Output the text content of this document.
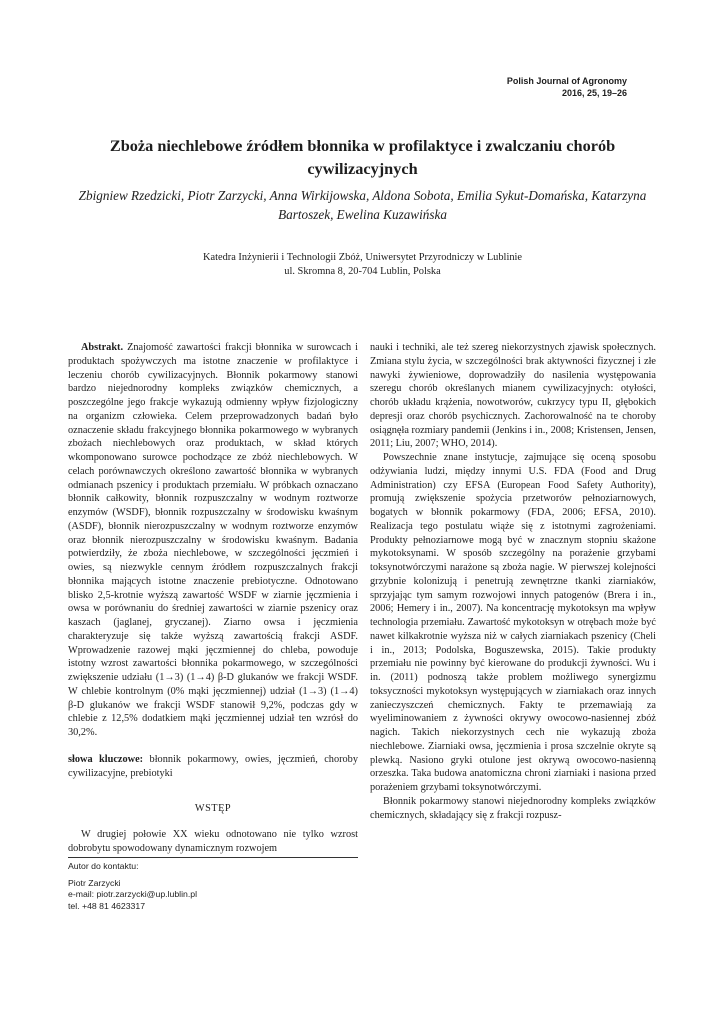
Polish Journal of Agronomy
2016, 25, 19–26
Zboża niechlebowe źródłem błonnika w profilaktyce i zwalczaniu chorób cywilizacyjnych
Zbigniew Rzedzicki, Piotr Zarzycki, Anna Wirkijowska, Aldona Sobota, Emilia Sykut-Domańska, Katarzyna Bartoszek, Ewelina Kuzawińska
Katedra Inżynierii i Technologii Zbóż, Uniwersytet Przyrodniczy w Lublinie
ul. Skromna 8, 20-704 Lublin, Polska

Abstrakt. Znajomość zawartości frakcji błonnika w surowcach i produktach spożywczych ma istotne znaczenie w profilaktyce i leczeniu chorób cywilizacyjnych. Błonnik pokarmowy stanowi bardzo niejednorodny kompleks związków chemicznych, a poszczególne jego frakcje wykazują odmienny wpływ fizjologiczny na organizm człowieka. Celem przeprowadzonych badań było oznaczenie składu frakcyjnego błonnika pokarmowego w wybranych zbożach niechlebowych oraz produktach, w skład których wkomponowano surowce pochodzące ze zbóż niechlebowych. W celach porównawczych określono zawartość błonnika w wybranych odmianach pszenicy i produktach przemiału. W próbkach oznaczano błonnik całkowity, błonnik rozpuszczalny w wodnym roztworze enzymów (WSDF), błonnik rozpuszczalny w środowisku kwaśnym (ASDF), błonnik nierozpuszczalny w wodnym roztworze enzymów oraz błonnik nierozpuszczalny w środowisku kwaśnym. Badania potwierdziły, że zboża niechlebowe, w szczególności jęczmień i owies, są niezwykle cennym źródłem rozpuszczalnych frakcji błonnika mających istotne znaczenie prebiotyczne. Odnotowano blisko 2,5-krotnie wyższą zawartość WSDF w ziarnie jęczmienia i owsa w porównaniu do średniej zawartości w ziarnie pszenicy oraz kaszach (jaglanej, gryczanej). Ziarno owsa i jęczmienia charakteryzuje się także wyższą zawartością frakcji ASDF. Wprowadzenie razowej mąki jęczmiennej do chleba, powoduje istotny wzrost zawartości błonnika pokarmowego, w szczególności zwiększenie udziału (1→3) (1→4) β-D glukanów we frakcji WSDF. W chlebie kontrolnym (0% mąki jęczmiennej) udział (1→3) (1→4) β-D glukanów we frakcji WSDF stanowił 9,2%, podczas gdy w chlebie z 12,5% dodatkiem mąki jęczmiennej udział ten wzrósł do 30,2%.

słowa kluczowe: błonnik pokarmowy, owies, jęczmień, choroby cywilizacyjne, prebiotyki

WSTĘP

W drugiej połowie XX wieku odnotowano nie tylko wzrost dobrobytu spowodowany dynamicznym rozwojem

nauki i techniki, ale też szereg niekorzystnych zjawisk społecznych. Zmiana stylu życia, w szczególności brak aktywności fizycznej i złe nawyki żywieniowe, doprowadziły do nasilenia występowania szeregu chorób określanych mianem cywilizacyjnych: otyłości, chorób układu krążenia, nowotworów, cukrzycy typu II, głębokich depresji oraz chorób psychicznych. Zachorowalność na te choroby osiągnęła rozmiary pandemii (Jenkins i in., 2008; Kristensen, Jensen, 2011; Liu, 2007; WHO, 2014).

Powszechnie znane instytucje, zajmujące się oceną sposobu odżywiania ludzi, między innymi U.S. FDA (Food and Drug Administration) czy EFSA (European Food Safety Authority), promują zwiększenie spożycia przetworów pełnoziarnowych, bogatych w błonnik pokarmowy (FDA, 2006; EFSA, 2010). Realizacja tego postulatu wiąże się z istotnymi zagrożeniami. Produkty pełnoziarnowe mogą być w znacznym stopniu skażone mykotoksynami. W sposób szczególny na porażenie grzybami toksynotwórczymi narażone są zboża nagie. W pierwszej kolejności grzybnie kolonizują i penetrują zewnętrzne tkanki ziarniaków, sprzyjając tym samym rozwojowi innych patogenów (Brera i in., 2006; Hemery i in., 2007). Na koncentrację mykotoksyn ma wpływ technologia przemiału. Zawartość mykotoksyn w otrębach może być nawet kilkakrotnie wyższa niż w całych ziarniakach pszenicy (Cheli i in., 2013; Podolska, Boguszewska, 2015). Takie produkty przemiału nie powinny być kierowane do produkcji żywności. Wu i in. (2011) podnoszą także problem możliwego synergizmu toksyczności mykotoksyn występujących w ziarniakach oraz innych zanieczyszczeń chemicznych. Fakty te przemawiają za wyeliminowaniem z żywności okrywy owocowo-nasiennej zbóż nagich. Takich niekorzystnych cech nie wykazują zboża niechlebowe. Ziarniaki owsa, jęczmienia i prosa szczelnie okryte są plewką. Nasiono gryki otulone jest okrywą owocowo-nasienną orzeszka. Taka budowa anatomiczna chroni ziarniaki i nasiona przed porażeniem grzybami toksynotwórczymi.

Błonnik pokarmowy stanowi niejednorodny kompleks związków chemicznych, składający się z frakcji rozpusz-

Autor do kontaktu:
Piotr Zarzycki
e-mail: piotr.zarzycki@up.lublin.pl
tel. +48 81 4623317
